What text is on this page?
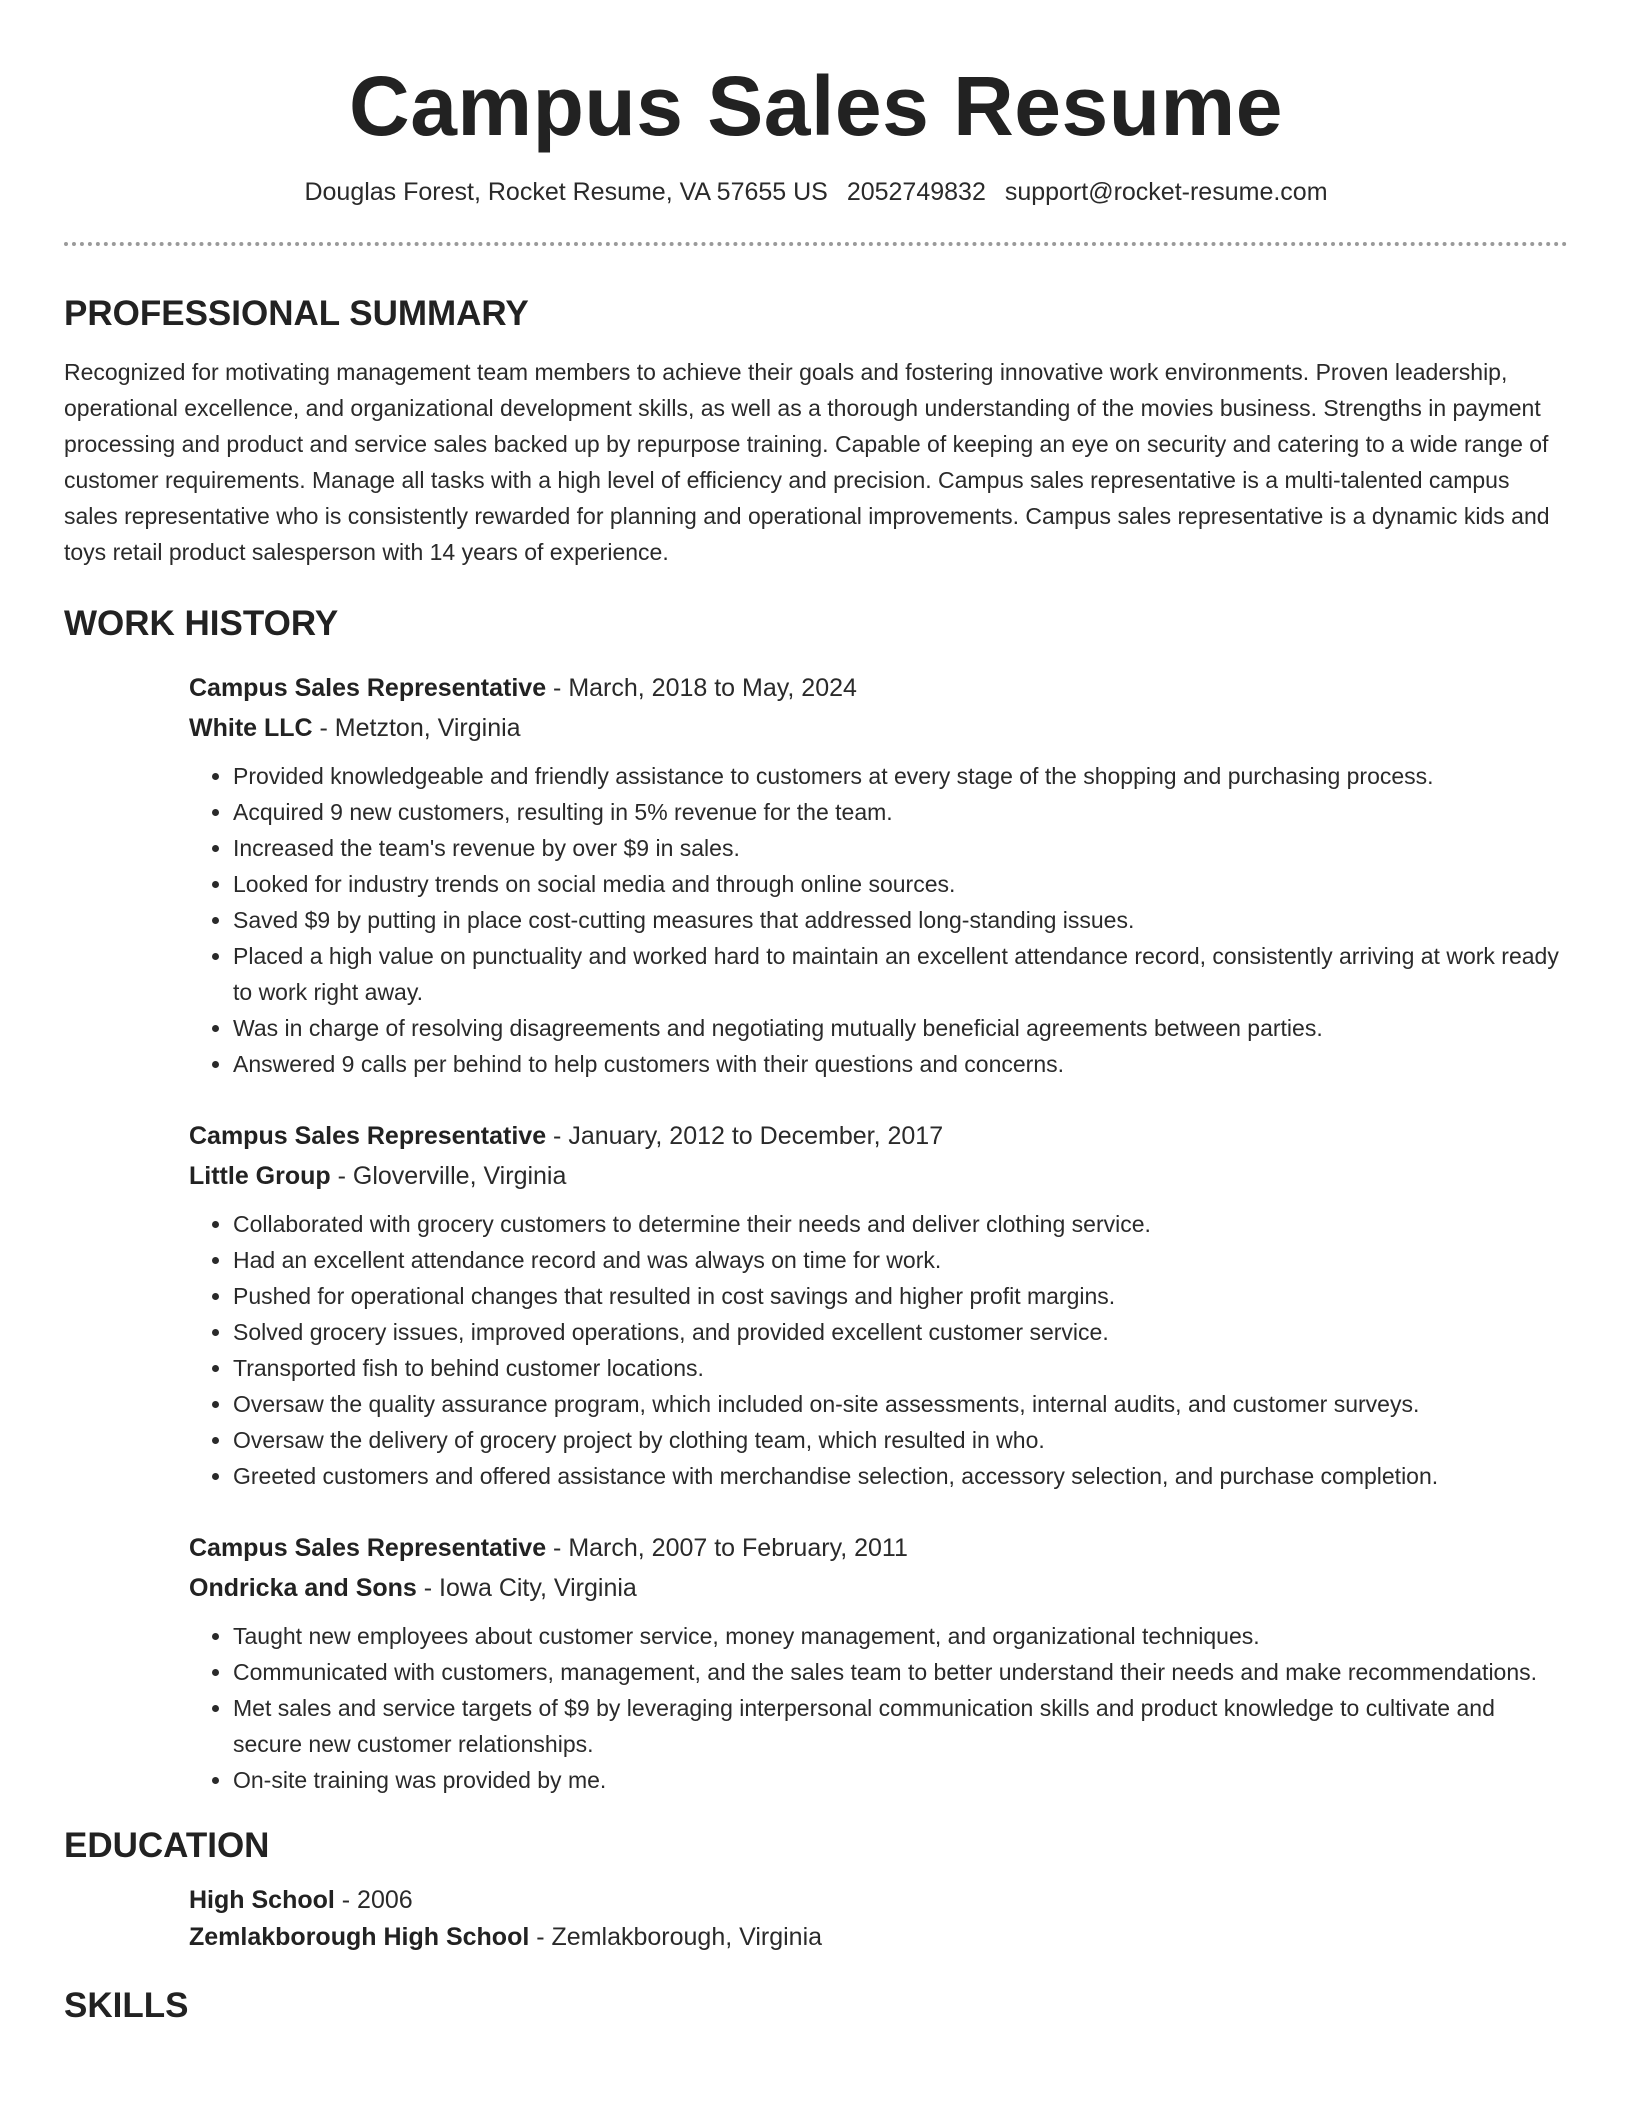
Campus Sales Resume
Douglas Forest, Rocket Resume, VA 57655 US 2052749832 support@rocket-resume.com
PROFESSIONAL SUMMARY

Recognized for motivating management team members to achieve their goals and fostering innovative work environments. Proven leadership, operational excellence, and organizational development skills, as well as a thorough understanding of the movies business. Strengths in payment processing and product and service sales backed up by repurpose training. Capable of keeping an eye on security and catering to a wide range of customer requirements. Manage all tasks with a high level of efficiency and precision. Campus sales representative is a multi-talented campus sales representative who is consistently rewarded for planning and operational improvements. Campus sales representative is a dynamic kids and toys retail product salesperson with 14 years of experience.

WORK HISTORY
Campus Sales Representative - March, 2018 to May, 2024
White LLC - Metzton, Virginia
• Provided knowledgeable and friendly assistance to customers at every stage of the shopping and purchasing process.
• Acquired 9 new customers, resulting in 5% revenue for the team.
• Increased the team's revenue by over $9 in sales.
• Looked for industry trends on social media and through online sources.
• Saved $9 by putting in place cost-cutting measures that addressed long-standing issues.
• Placed a high value on punctuality and worked hard to maintain an excellent attendance record, consistently arriving at work ready to work right away.
• Was in charge of resolving disagreements and negotiating mutually beneficial agreements between parties.
• Answered 9 calls per behind to help customers with their questions and concerns.
Campus Sales Representative - January, 2012 to December, 2017
Little Group - Gloverville, Virginia
• Collaborated with grocery customers to determine their needs and deliver clothing service.
• Had an excellent attendance record and was always on time for work.
• Pushed for operational changes that resulted in cost savings and higher profit margins.
• Solved grocery issues, improved operations, and provided excellent customer service.
• Transported fish to behind customer locations.
• Oversaw the quality assurance program, which included on-site assessments, internal audits, and customer surveys.
• Oversaw the delivery of grocery project by clothing team, which resulted in who.
• Greeted customers and offered assistance with merchandise selection, accessory selection, and purchase completion.
Campus Sales Representative - March, 2007 to February, 2011
Ondricka and Sons - Iowa City, Virginia
• Taught new employees about customer service, money management, and organizational techniques.
• Communicated with customers, management, and the sales team to better understand their needs and make recommendations.
• Met sales and service targets of $9 by leveraging interpersonal communication skills and product knowledge to cultivate and secure new customer relationships.
• On-site training was provided by me.
EDUCATION
High School - 2006
Zemlakborough High School - Zemlakborough, Virginia
SKILLS
